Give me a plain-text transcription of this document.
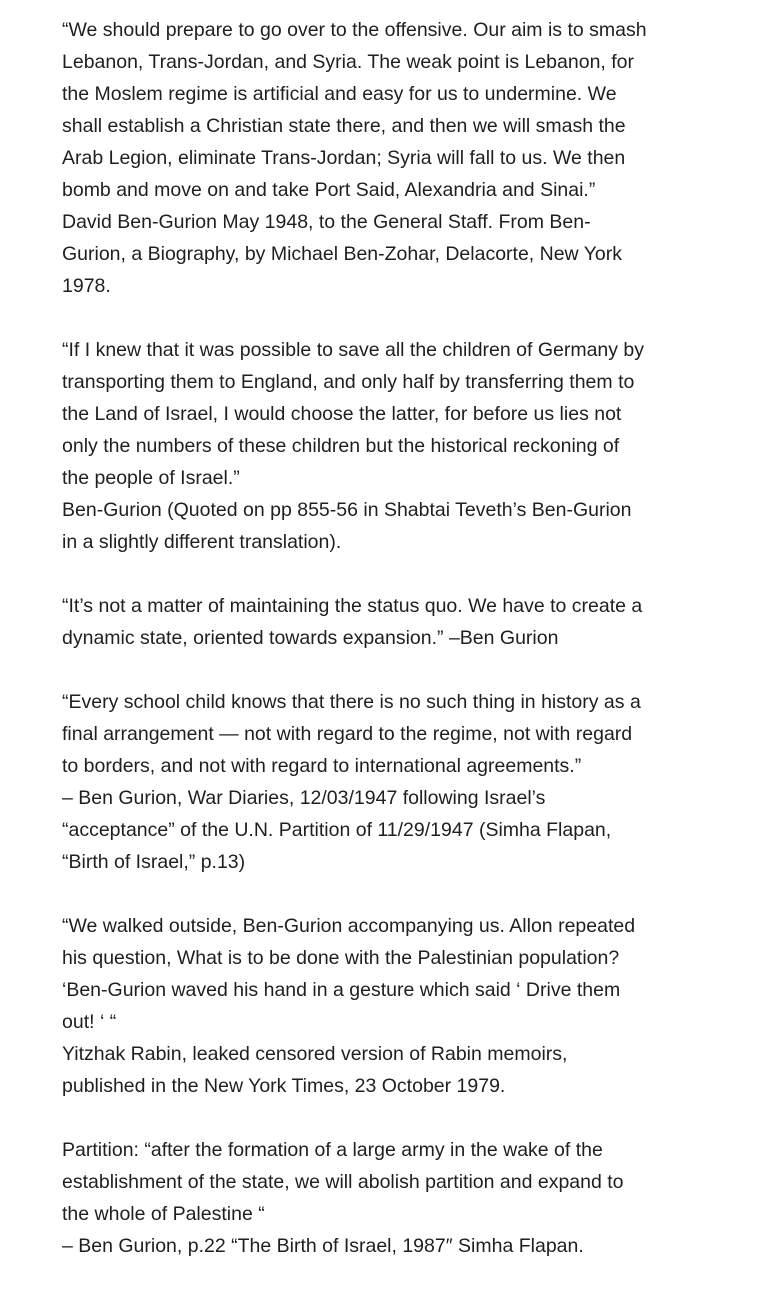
“We should prepare to go over to the offensive. Our aim is to smash
Lebanon, Trans-Jordan, and Syria. The weak point is Lebanon, for
the Moslem regime is artificial and easy for us to undermine. We
shall establish a Christian state there, and then we will smash the
Arab Legion, eliminate Trans-Jordan; Syria will fall to us. We then
bomb and move on and take Port Said, Alexandria and Sinai.”
David Ben-Gurion May 1948, to the General Staff. From Ben-
Gurion, a Biography, by Michael Ben-Zohar, Delacorte, New York
1978.

“If I knew that it was possible to save all the children of Germany by
transporting them to England, and only half by transferring them to
the Land of Israel, I would choose the latter, for before us lies not
only the numbers of these children but the historical reckoning of
the people of Israel.”
Ben-Gurion (Quoted on pp 855-56 in Shabtai Teveth’s Ben-Gurion
in a slightly different translation).

“It’s not a matter of maintaining the status quo. We have to create a
dynamic state, oriented towards expansion.” –Ben Gurion

“Every school child knows that there is no such thing in history as a
final arrangement — not with regard to the regime, not with regard
to borders, and not with regard to international agreements.”
– Ben Gurion, War Diaries, 12/03/1947 following Israel’s
“acceptance” of the U.N. Partition of 11/29/1947 (Simha Flapan,
“Birth of Israel,” p.13)

“We walked outside, Ben-Gurion accompanying us. Allon repeated
his question, What is to be done with the Palestinian population?
‘Ben-Gurion waved his hand in a gesture which said ‘ Drive them
out! ‘ “
Yitzhak Rabin, leaked censored version of Rabin memoirs,
published in the New York Times, 23 October 1979.

Partition: “after the formation of a large army in the wake of the
establishment of the state, we will abolish partition and expand to
the whole of Palestine “
– Ben Gurion, p.22 “The Birth of Israel, 1987″ Simha Flapan.
